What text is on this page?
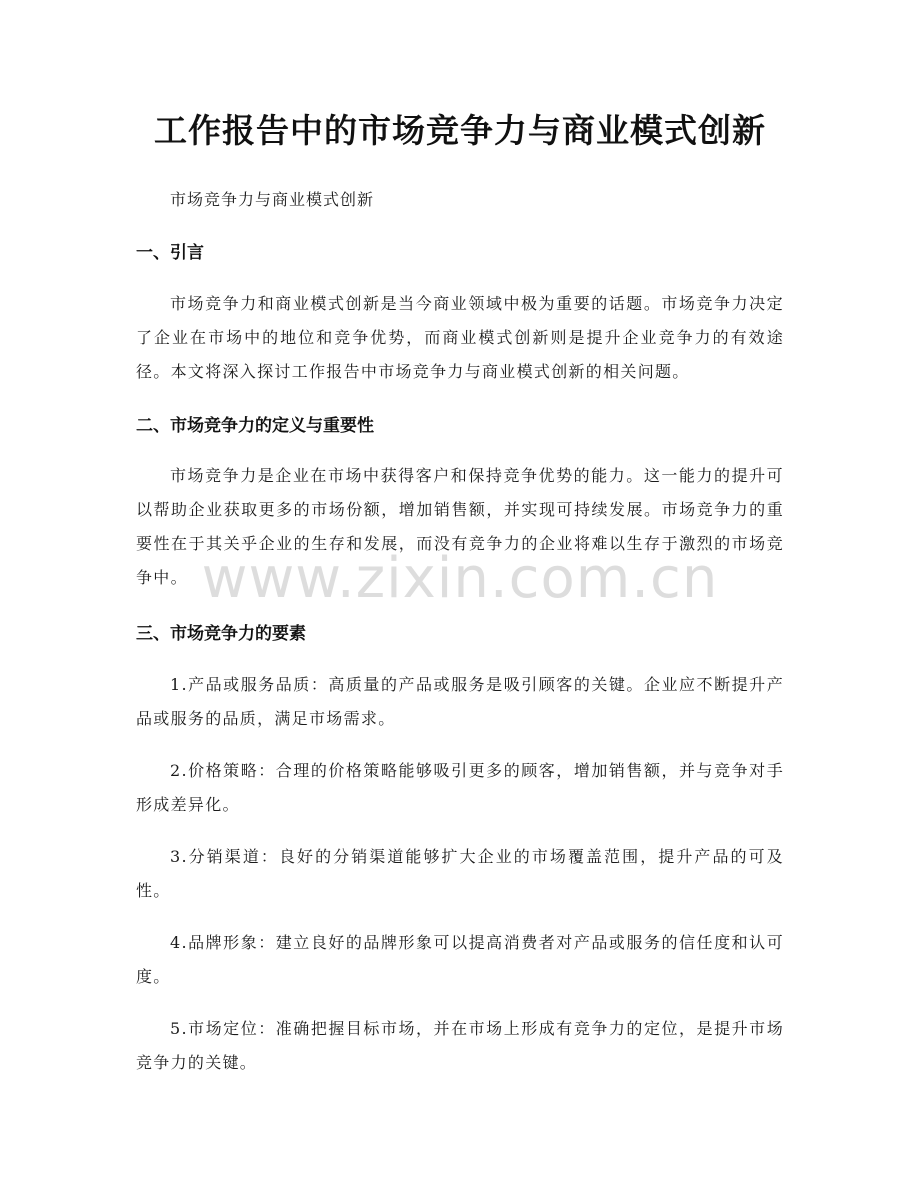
工作报告中的市场竞争力与商业模式创新
市场竞争力与商业模式创新
一、引言
市场竞争力和商业模式创新是当今商业领域中极为重要的话题。市场竞争力决定了企业在市场中的地位和竞争优势，而商业模式创新则是提升企业竞争力的有效途径。本文将深入探讨工作报告中市场竞争力与商业模式创新的相关问题。
二、市场竞争力的定义与重要性
市场竞争力是企业在市场中获得客户和保持竞争优势的能力。这一能力的提升可以帮助企业获取更多的市场份额，增加销售额，并实现可持续发展。市场竞争力的重要性在于其关乎企业的生存和发展，而没有竞争力的企业将难以生存于激烈的市场竞争中。
三、市场竞争力的要素
1.产品或服务品质：高质量的产品或服务是吸引顾客的关键。企业应不断提升产品或服务的品质，满足市场需求。
2.价格策略：合理的价格策略能够吸引更多的顾客，增加销售额，并与竞争对手形成差异化。
3.分销渠道：良好的分销渠道能够扩大企业的市场覆盖范围，提升产品的可及性。
4.品牌形象：建立良好的品牌形象可以提高消费者对产品或服务的信任度和认可度。
5.市场定位：准确把握目标市场，并在市场上形成有竞争力的定位，是提升市场竞争力的关键。
www.zixin.com.cn
